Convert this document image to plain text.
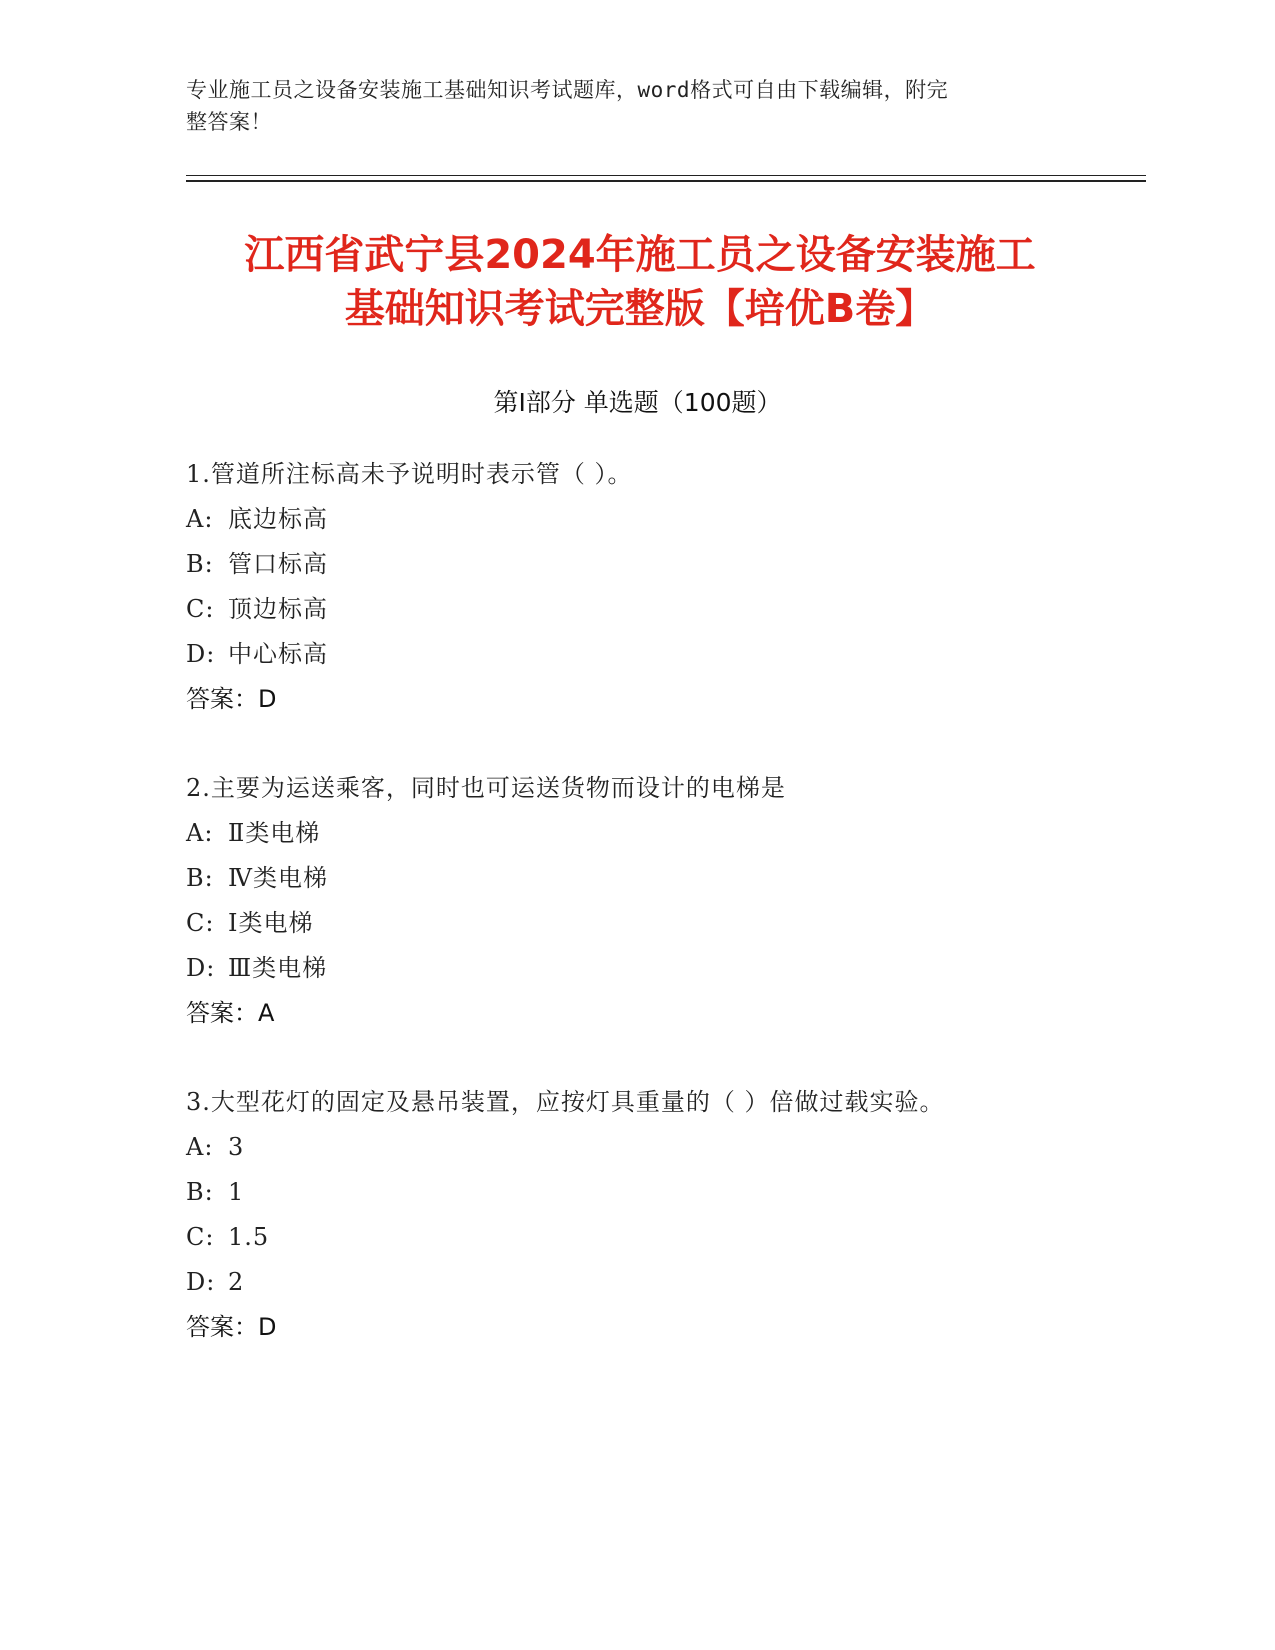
专业施工员之设备安装施工基础知识考试题库，word格式可自由下载编辑，附完
整答案！
江西省武宁县2024年施工员之设备安装施工
基础知识考试完整版【培优B卷】
第Ⅰ部分 单选题（100题）
1.管道所注标高未予说明时表示管（ ）。
A: 底边标高
B: 管口标高
C: 顶边标高
D: 中心标高
答案：D
2.主要为运送乘客，同时也可运送货物而设计的电梯是
A: Ⅱ类电梯
B: Ⅳ类电梯
C: Ⅰ类电梯
D: Ⅲ类电梯
答案：A
3.大型花灯的固定及悬吊装置，应按灯具重量的（ ）倍做过载实验。
A: 3
B: 1
C: 1.5
D: 2
答案：D
